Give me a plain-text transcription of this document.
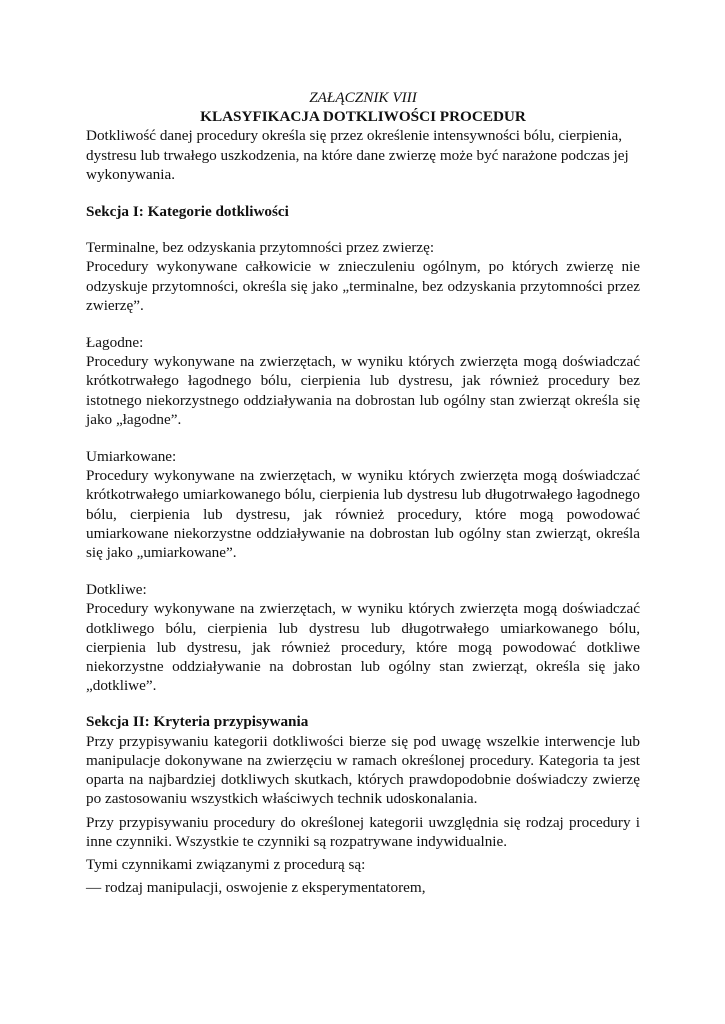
ZAŁĄCZNIK VIII

KLASYFIKACJA DOTKLIWOŚCI PROCEDUR

Dotkliwość danej procedury określa się przez określenie intensywności bólu, cierpienia, dystresu lub trwałego uszkodzenia, na które dane zwierzę może być narażone podczas jej wykonywania.

Sekcja I: Kategorie dotkliwości

Terminalne, bez odzyskania przytomności przez zwierzę:

Procedury wykonywane całkowicie w znieczuleniu ogólnym, po których zwierzę nie odzyskuje przytomności, określa się jako „terminalne, bez odzyskania przytomności przez zwierzę”.

Łagodne:

Procedury wykonywane na zwierzętach, w wyniku których zwierzęta mogą doświadczać krótkotrwałego łagodnego bólu, cierpienia lub dystresu, jak również procedury bez istotnego niekorzystnego oddziaływania na dobrostan lub ogólny stan zwierząt określa się jako „łagodne”.

Umiarkowane:

Procedury wykonywane na zwierzętach, w wyniku których zwierzęta mogą doświadczać krótkotrwałego umiarkowanego bólu, cierpienia lub dystresu lub długotrwałego łagodnego bólu, cierpienia lub dystresu, jak również procedury, które mogą powodować umiarkowane niekorzystne oddziaływanie na dobrostan lub ogólny stan zwierząt, określa się jako „umiarkowane”.

Dotkliwe:

Procedury wykonywane na zwierzętach, w wyniku których zwierzęta mogą doświadczać dotkliwego bólu, cierpienia lub dystresu lub długotrwałego umiarkowanego bólu, cierpienia lub dystresu, jak również procedury, które mogą powodować dotkliwe niekorzystne oddziaływanie na dobrostan lub ogólny stan zwierząt, określa się jako „dotkliwe”.

Sekcja II: Kryteria przypisywania

Przy przypisywaniu kategorii dotkliwości bierze się pod uwagę wszelkie interwencje lub manipulacje dokonywane na zwierzęciu w ramach określonej procedury. Kategoria ta jest oparta na najbardziej dotkliwych skutkach, których prawdopodobnie doświadczy zwierzę po zastosowaniu wszystkich właściwych technik udoskonalania.

Przy przypisywaniu procedury do określonej kategorii uwzględnia się rodzaj procedury i inne czynniki. Wszystkie te czynniki są rozpatrywane indywidualnie.

Tymi czynnikami związanymi z procedurą są:

— rodzaj manipulacji, oswojenie z eksperymentatorem,
